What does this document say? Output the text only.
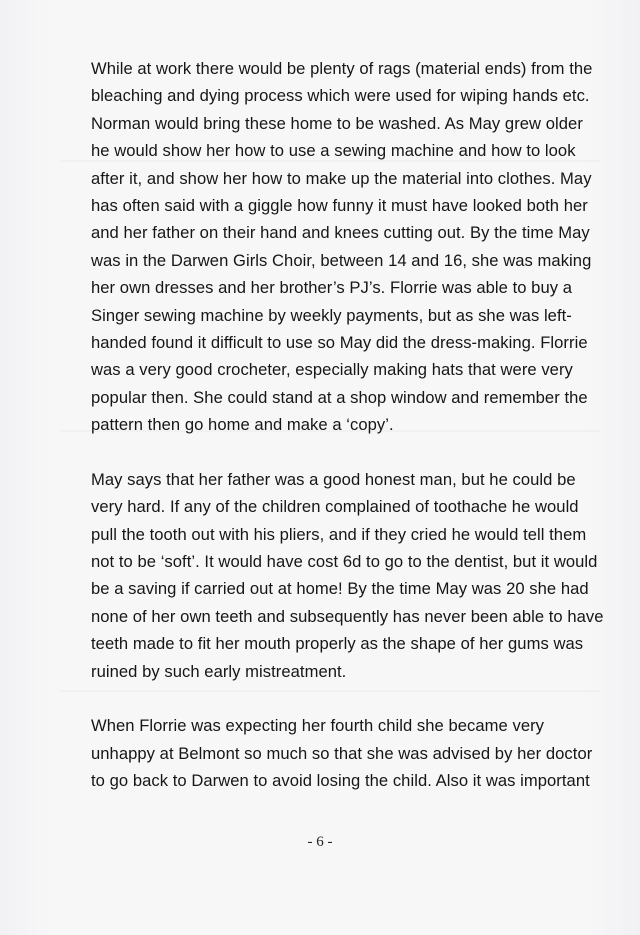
While at work there would be plenty of rags (material ends) from the
bleaching and dying process which were used for wiping hands etc.
Norman would bring these home to be washed. As May grew older
he would show her how to use a sewing machine and how to look
after it, and show her how to make up the material into clothes. May
has often said with a giggle how funny it must have looked both her
and her father on their hand and knees cutting out. By the time May
was in the Darwen Girls Choir, between 14 and 16, she was making
her own dresses and her brother’s PJ’s. Florrie was able to buy a
Singer sewing machine by weekly payments, but as she was left-
handed found it difficult to use so May did the dress-making. Florrie
was a very good crocheter, especially making hats that were very
popular then. She could stand at a shop window and remember the
pattern then go home and make a ‘copy’.
May says that her father was a good honest man, but he could be
very hard. If any of the children complained of toothache he would
pull the tooth out with his pliers, and if they cried he would tell them
not to be ‘soft’. It would have cost 6d to go to the dentist, but it would
be a saving if carried out at home! By the time May was 20 she had
none of her own teeth and subsequently has never been able to have
teeth made to fit her mouth properly as the shape of her gums was
ruined by such early mistreatment.
When Florrie was expecting her fourth child she became very
unhappy at Belmont so much so that she was advised by her doctor
to go back to Darwen to avoid losing the child. Also it was important
- 6 -
